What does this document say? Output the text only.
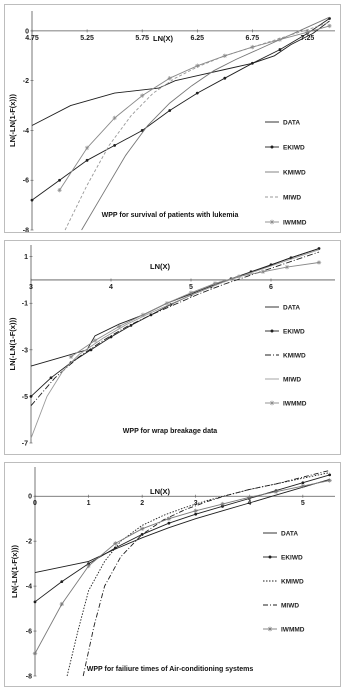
4.75	5.25	5.75	6.25	6.75	7.25
0
-2
-4
-6
-8
LN(X)
LN(-LN(1-F(x)))
WPP for survival of patients with lukemia
DATA
EKIWD
KMIWD
MIWD
IWMMD
3	4	5	6
1
-1
-3
-5
-7
LN(X)
LN(-LN(1-F(x)))
WPP for wrap breakage data
DATA
EKIWD
KMIWD
MIWD
IWMMD
0	1	2	3	4	5
0
-2
-4
-6
-8
LN(X)
LN(-LN(1-F(x)))
WPP for failiure times of Air-conditioning systems
DATA
EKIWD
KMIWD
MIWD
IWMMD
